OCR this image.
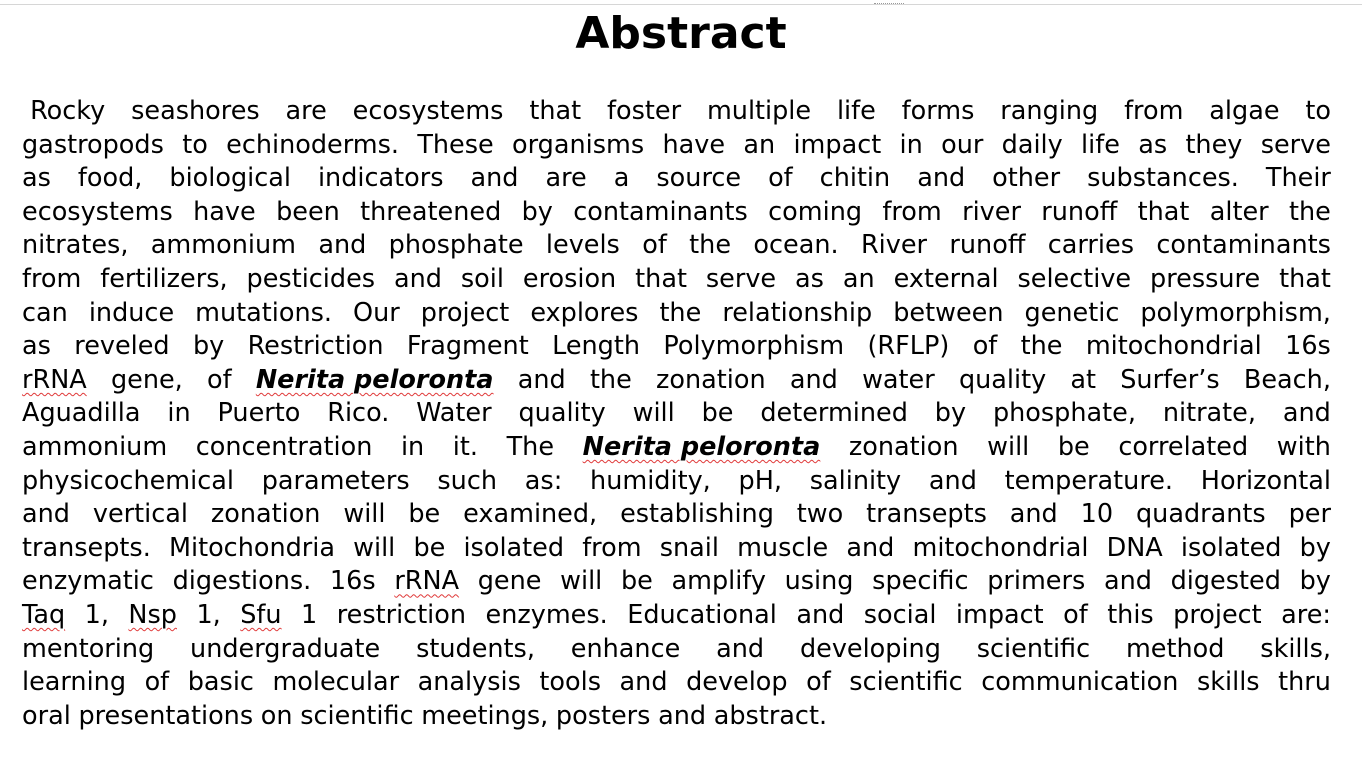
Abstract
Rocky seashores are ecosystems that foster multiple life forms ranging from algae to
gastropods to echinoderms. These organisms have an impact in our daily life as they serve
as food, biological indicators and are a source of chitin and other substances. Their
ecosystems have been threatened by contaminants coming from river runoff that alter the
nitrates, ammonium and phosphate levels of the ocean. River runoff carries contaminants
from fertilizers, pesticides and soil erosion that serve as an external selective pressure that
can induce mutations. Our project explores the relationship between genetic polymorphism,
as reveled by Restriction Fragment Length Polymorphism (RFLP) of the mitochondrial 16s
rRNA gene, of Nerita peloronta and the zonation and water quality at Surfer’s Beach,
Aguadilla in Puerto Rico. Water quality will be determined by phosphate, nitrate, and
ammonium concentration in it. The Nerita peloronta zonation will be correlated with
physicochemical parameters such as: humidity, pH, salinity and temperature. Horizontal
and vertical zonation will be examined, establishing two transepts and 10 quadrants per
transepts. Mitochondria will be isolated from snail muscle and mitochondrial DNA isolated by
enzymatic digestions. 16s rRNA gene will be amplify using specific primers and digested by
Taq 1, Nsp 1, Sfu 1 restriction enzymes. Educational and social impact of this project are:
mentoring undergraduate students, enhance and developing scientific method skills,
learning of basic molecular analysis tools and develop of scientific communication skills thru
oral presentations on scientific meetings, posters and abstract.
